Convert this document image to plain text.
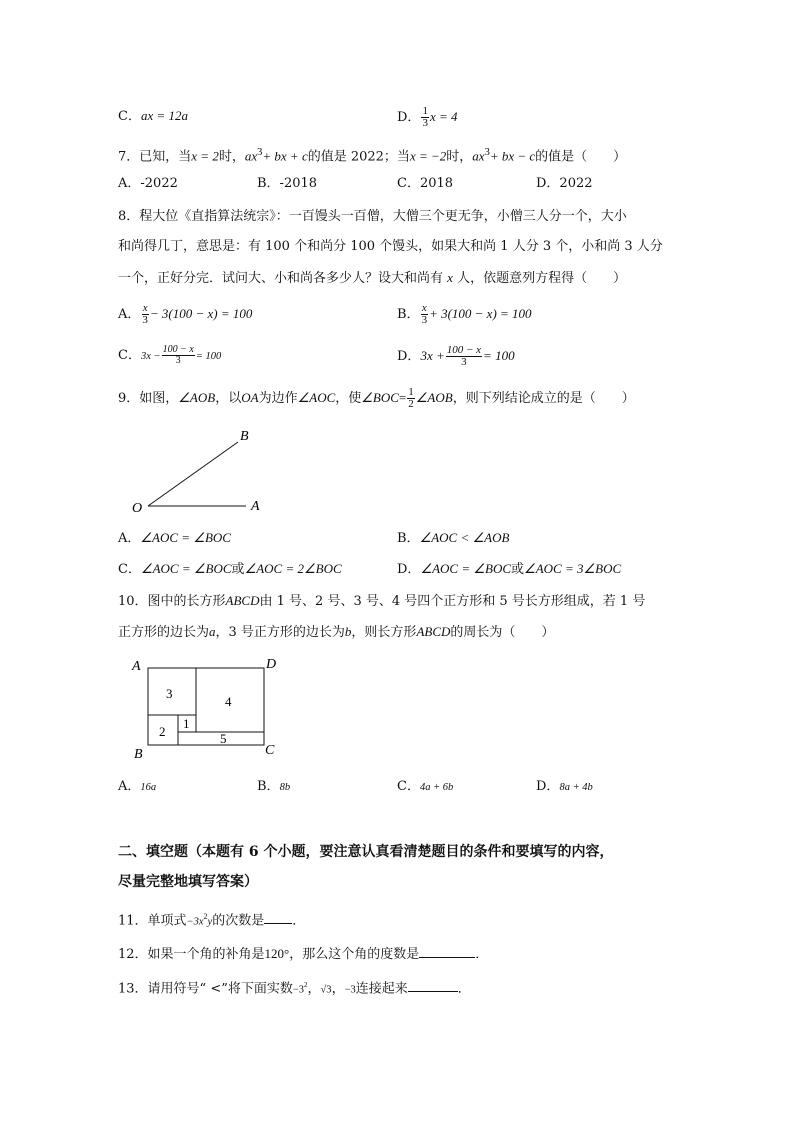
C．ax = 12a	D． $\frac{1}{3}$ x = 4
7．已知，当x = 2时，$ax^3+$ bx + c的值是 2022；当x = −2时，$ax^3+$ bx − c的值是（　　）
A．-2022	B．-2018	C．2018	D．2022
8．程大位《直指算法统宗》：一百馒头一百僧，大僧三个更无争，小僧三人分一个，大小
和尚得几丁，意思是：有 100 个和尚分 100 个馒头，如果大和尚 1 人分 3 个，小和尚 3 人分
一个，正好分完．试问大、小和尚各多少人？设大和尚有 x 人，依题意列方程得（　　）
A． $\frac{x}{3} - 3(100 - x) = 100$	B． $\frac{x}{3} + 3(100 - x) = 100$
C．$3x - \frac{100 - x}{3} = 100$	D．$3x + \frac{100 - x}{3} = 100$
9．如图，∠AOB，以OA为边作∠AOC，使∠BOC= $\frac{1}{2}$ ∠AOB，则下列结论成立的是（　　）
O	A
B
A．∠AOC = ∠BOC	B．∠AOC < ∠AOB
C．∠AOC = ∠BOC或∠AOC = 2∠BOC	D．∠AOC = ∠BOC或∠AOC = 3∠BOC
10．图中的长方形ABCD由 1 号、2 号、3 号、4 号四个正方形和 5 号长方形组成，若 1 号
正方形的边长为a，3 号正方形的边长为b，则长方形ABCD的周长为（　　）
3
4
2
1
5
A	D
B	C
A．16a	B．8b	C．4a + 6b	D．8a + 4b
二、填空题（本题有 6 个小题，要注意认真看清楚题目的条件和要填写的内容，
尽量完整地填写答案）
11．单项式$-3x^2y$的次数是 ．
12．如果一个角的补角是120°，那么这个角的度数是	．
13．请用符号“ <”将下面实数$-3^2$，√3，−3连接起来	．
